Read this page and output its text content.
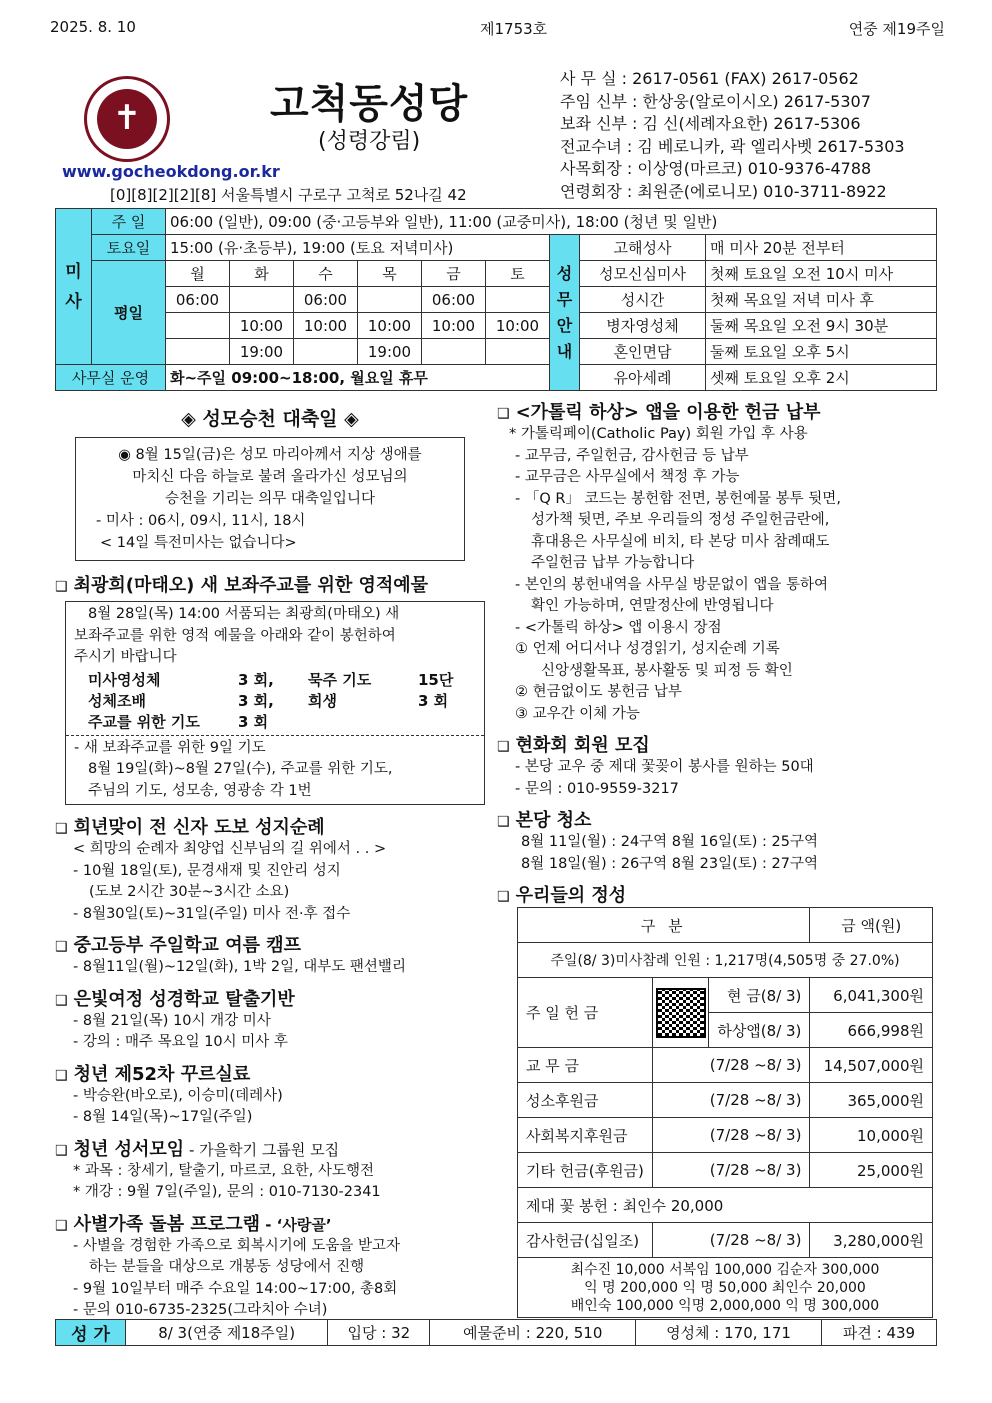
2025. 8. 10	제1753호	연중 제19주일
✝	고척동성당
(성령강림)
www.gocheokdong.or.kr
[0][8][2][2][8] 서울특별시 구로구 고척로 52나길 42
사 무 실 : 2617-0561 (FAX) 2617-0562
주임 신부 : 한상웅(알로이시오) 2617-5307
보좌 신부 : 김 신(세례자요한) 2617-5306
전교수녀 : 김 베로니카, 곽 엘리사벳 2617-5303
사목회장 : 이상영(마르코) 010-9376-4788
연령회장 : 최원준(에로니모) 010-3711-8922
미사	주 일	06:00 (일반), 09:00 (중·고등부와 일반), 11:00 (교중미사), 18:00 (청년 및 일반)								
	토요일	15:00 (유·초등부), 19:00 (토요 저녁미사)						성무안내	고해성사	매 미사 20분 전부터
	평일	월	화	수	목	금	토		성모신심미사	첫째 토요일 오전 10시 미사
		06:00		06:00		06:00			성시간	첫째 목요일 저녁 미사 후
			10:00	10:00	10:00	10:00	10:00		병자영성체	둘째 목요일 오전 9시 30분
			19:00		19:00				혼인면담	둘째 토요일 오후 5시
사무실 운영		화~주일 09:00~18:00, 월요일 휴무							유아세례	셋째 토요일 오후 2시
◈ 성모승천 대축일 ◈
◉ 8월 15일(금)은 성모 마리아께서 지상 생애를
마치신 다음 하늘로 불려 올라가신 성모님의
승천을 기리는 의무 대축일입니다
- 미사 : 06시, 09시, 11시, 18시
< 14일 특전미사는 없습니다>
❑ 최광희(마태오) 새 보좌주교를 위한 영적예물
8월 28일(목) 14:00 서품되는 최광희(마태오) 새
보좌주교를 위한 영적 예물을 아래와 같이 봉헌하여
주시기 바랍니다
미사영성체	3 회,	묵주 기도	15단
성체조배	3 회,	희생	3 회
주교를 위한 기도	3 회		
- 새 보좌주교를 위한 9일 기도
8월 19일(화)~8월 27일(수), 주교를 위한 기도,
주님의 기도, 성모송, 영광송 각 1번
❑ 희년맞이 전 신자 도보 성지순례
< 희망의 순례자 최양업 신부님의 길 위에서 . . >
- 10월 18일(토), 문경새재 및 진안리 성지
(도보 2시간 30분~3시간 소요)
- 8월30일(토)~31일(주일) 미사 전·후 접수
❑ 중고등부 주일학교 여름 캠프
- 8월11일(월)~12일(화), 1박 2일, 대부도 팬션밸리
❑ 은빛여정 성경학교 탈출기반
- 8월 21일(목) 10시 개강 미사
- 강의 : 매주 목요일 10시 미사 후
❑ 청년 제52차 꾸르실료
- 박승완(바오로), 이승미(데레사)
- 8월 14일(목)~17일(주일)
❑ 청년 성서모임 - 가을학기 그룹원 모집
* 과목 : 창세기, 탈출기, 마르코, 요한, 사도행전
* 개강 : 9월 7일(주일), 문의 : 010-7130-2341
❑ 사별가족 돌봄 프로그램 - ‘사랑골’
- 사별을 경험한 가족으로 회복시기에 도움을 받고자
하는 분들을 대상으로 개봉동 성당에서 진행
- 9월 10일부터 매주 수요일 14:00~17:00, 총8회
- 문의 010-6735-2325(그라치아 수녀)
❑ <가톨릭 하상> 앱을 이용한 헌금 납부
* 가톨릭페이(Catholic Pay) 회원 가입 후 사용
- 교무금, 주일헌금, 감사헌금 등 납부
- 교무금은 사무실에서 책정 후 가능
- 「Q R」 코드는 봉헌함 전면, 봉헌예물 봉투 뒷면,
성가책 뒷면, 주보 우리들의 정성 주일헌금란에,
휴대용은 사무실에 비치, 타 본당 미사 참례때도
주일헌금 납부 가능합니다
- 본인의 봉헌내역을 사무실 방문없이 앱을 통하여
확인 가능하며, 연말정산에 반영됩니다
- <가톨릭 하상> 앱 이용시 장점
① 언제 어디서나 성경읽기, 성지순례 기록
신앙생활목표, 봉사활동 및 피정 등 확인
② 현금없이도 봉헌금 납부
③ 교우간 이체 가능
❑ 현화회 회원 모집
- 본당 교우 중 제대 꽃꽂이 봉사를 원하는 50대
- 문의 : 010-9559-3217
❑ 본당 청소
8월 11일(월) : 24구역 8월 16일(토) : 25구역
8월 18일(월) : 26구역 8월 23일(토) : 27구역
❑ 우리들의 정성
구 분			금 액(원)
주일(8/ 3)미사참례 인원 : 1,217명(4,505명 중 27.0%)			
주 일 헌 금		현 금(8/ 3)	6,041,300원
		하상앱(8/ 3)	666,998원
교 무 금	(7/28 ~8/ 3)		14,507,000원
성소후원금	(7/28 ~8/ 3)		365,000원
사회복지후원금	(7/28 ~8/ 3)		10,000원
기타 헌금(후원금)	(7/28 ~8/ 3)		25,000원
제대 꽃 봉헌 : 최인수 20,000			
감사헌금(십일조)	(7/28 ~8/ 3)		3,280,000원

최수진 10,000 서복임 100,000 김순자 300,000
익 명 200,000 익 명 50,000 최인수 20,000
배인숙 100,000 익명 2,000,000 익 명 300,000			
성 가	8/ 3(연중 제18주일)	입당 : 32	예물준비 : 220, 510	영성체 : 170, 171	파견 : 439
